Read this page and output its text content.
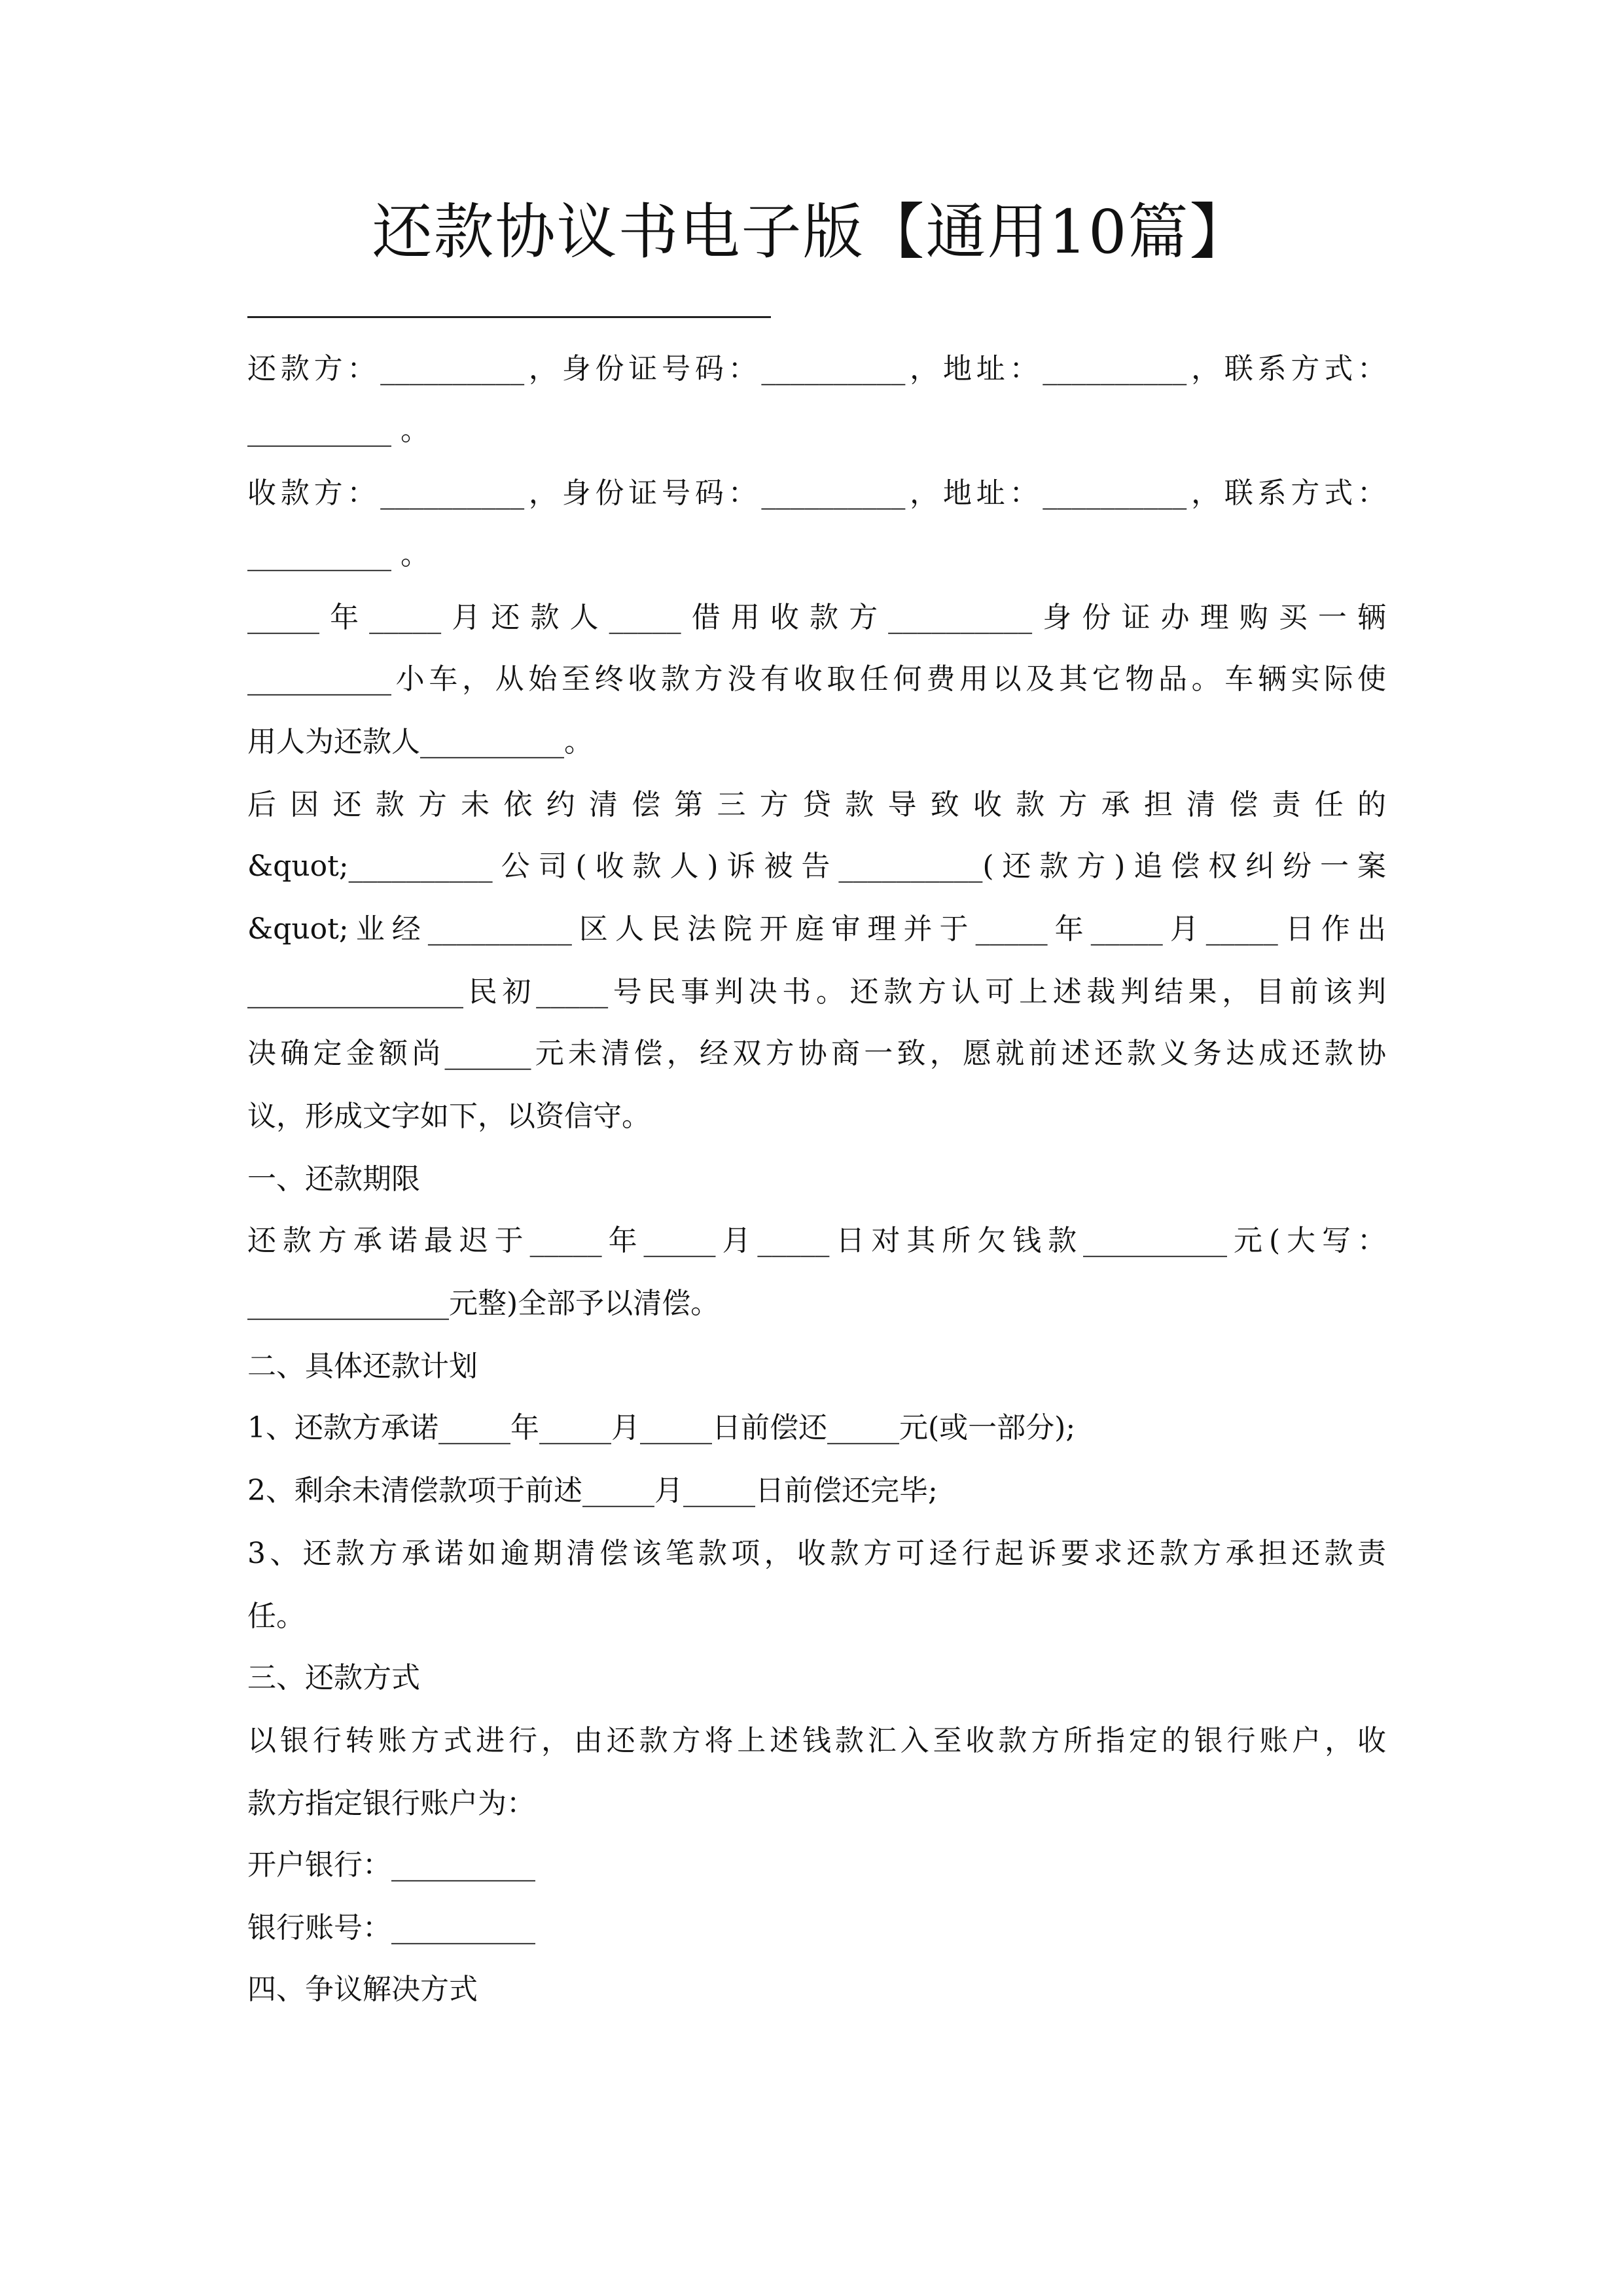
还款协议书电子版【通用10篇】
还款方：__________，身份证号码：__________，地址：__________，联系方式：
__________ 。
收款方：__________，身份证号码：__________，地址：__________，联系方式：
__________ 。
_____年_____月还款人_____借用收款方__________身份证办理购买一辆
__________小车，从始至终收款方没有收取任何费用以及其它物品。车辆实际使
用人为还款人__________。
后因还款方未依约清偿第三方贷款导致收款方承担清偿责任的
&quot;__________公司(收款人)诉被告__________(还款方)追偿权纠纷一案
&quot;业经__________区人民法院开庭审理并于_____年_____月_____日作出
_______________民初_____号民事判决书。还款方认可上述裁判结果，目前该判
决确定金额尚______元未清偿，经双方协商一致，愿就前述还款义务达成还款协
议，形成文字如下，以资信守。
一、还款期限
还款方承诺最迟于_____年_____月_____日对其所欠钱款__________元(大写：
______________元整)全部予以清偿。
二、具体还款计划
1、还款方承诺_____年_____月_____日前偿还_____元(或一部分);
2、剩余未清偿款项于前述_____月_____日前偿还完毕;
3、还款方承诺如逾期清偿该笔款项，收款方可迳行起诉要求还款方承担还款责
任。
三、还款方式
以银行转账方式进行，由还款方将上述钱款汇入至收款方所指定的银行账户，收
款方指定银行账户为：
开户银行：__________
银行账号：__________
四、争议解决方式
